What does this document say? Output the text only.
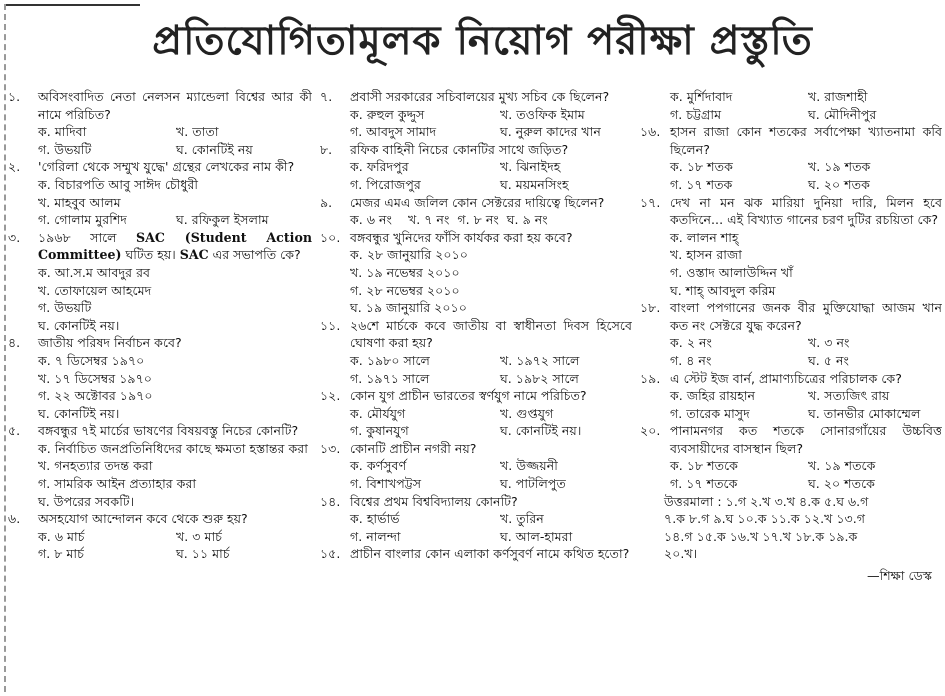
প্রতিযোগিতামূলক নিয়োগ পরীক্ষা প্রস্তুতি
১.	অবিসংবাদিত নেতা নেলসন ম্যান্ডেলা বিশ্বের আর কী নামে পরিচিত?
ক. মাদিবা	খ. তাতা
গ. উভয়টি	ঘ. কোনটিই নয়
২.	'গেরিলা থেকে সম্মুখ যুদ্ধে' গ্রন্থের লেখকের নাম কী?
ক. বিচারপতি আবু সাঈদ চৌধুরী
খ. মাহবুব আলম
গ. গোলাম মুরশিদ	ঘ. রফিকুল ইসলাম
৩.	১৯৬৮ সালে SAC (Student Action Committee) ঘটিত হয়। SAC এর সভাপতি কে?
ক. আ.স.ম আবদুর রব
খ. তোফায়েল আহমেদ
গ. উভয়টি
ঘ. কোনটিই নয়।
৪.	জাতীয় পরিষদ নির্বাচন কবে?
ক. ৭ ডিসেম্বর ১৯৭০
খ. ১৭ ডিসেম্বর ১৯৭০
গ. ২২ অক্টোবর ১৯৭০
ঘ. কোনটিই নয়।
৫.	বঙ্গবন্ধুর ৭ই মার্চের ভাষণের বিষয়বস্তু নিচের কোনটি?
ক. নির্বাচিত জনপ্রতিনিধিদের কাছে ক্ষমতা হস্তান্তর করা
খ. গনহত্যার তদন্ত করা
গ. সামরিক আইন প্রত্যাহার করা
ঘ. উপরের সবকটি।
৬.	অসহযোগ আন্দোলন কবে থেকে শুরু হয়?
ক. ৬ মার্চ	খ. ৩ মার্চ
গ. ৮ মার্চ	ঘ. ১১ মার্চ
৭.	প্রবাসী সরকারের সচিবালয়ের মুখ্য সচিব কে ছিলেন?
ক. রুহুল কুদ্দুস	খ. তওফিক ইমাম
গ. আবদুস সামাদ	ঘ. নুরুল কাদের খান
৮.	রফিক বাহিনী নিচের কোনটির সাথে জড়িত?
ক. ফরিদপুর	খ. ঝিনাইদহ
গ. পিরোজপুর	ঘ. ময়মনসিংহ
৯.	মেজর এমএ জলিল কোন সেক্টরের দায়িত্বে ছিলেন?
ক. ৬ নং খ. ৭ নং গ. ৮ নং ঘ. ৯ নং
১০. বঙ্গবন্ধুর খুনিদের ফাঁসি কার্যকর করা হয় কবে?
ক. ২৮ জানুয়ারি ২০১০
খ. ১৯ নভেম্বর ২০১০
গ. ২৮ নভেম্বর ২০১০
ঘ. ১৯ জানুয়ারি ২০১০
১১. ২৬শে মার্চকে কবে জাতীয় বা স্বাধীনতা দিবস হিসেবে ঘোষণা করা হয়?
ক. ১৯৮০ সালে	খ. ১৯৭২ সালে
গ. ১৯৭১ সালে	ঘ. ১৯৮২ সালে
১২. কোন যুগ প্রাচীন ভারতের স্বর্ণযুগ নামে পরিচিত?
ক. মৌর্যযুগ	খ. গুপ্তযুগ
গ. কুষানযুগ	ঘ. কোনটিই নয়।
১৩. কোনটি প্রাচীন নগরী নয়?
ক. কর্ণসুবর্ণ	খ. উজ্জয়নী
গ. বিশাখপট্টস	ঘ. পাটলিপুত
১৪. বিশ্বের প্রথম বিশ্ববিদ্যালয় কোনটি?
ক. হার্ভার্ভ	খ. তুরিন
গ. নালন্দা	ঘ. আল-হামরা
১৫. প্রাচীন বাংলার কোন এলাকা কর্ণসুবর্ণ নামে কথিত হতো?
ক. মুর্শিদাবাদ	খ. রাজশাহী
গ. চট্টগ্রাম	ঘ. মৌদিনীপুর
১৬. হাসন রাজা কোন শতকের সর্বাপেক্ষা খ্যাতনামা কবি ছিলেন?
ক. ১৮ শতক	খ. ১৯ শতক
গ. ১৭ শতক	ঘ. ২০ শতক
১৭. দেখ না মন ঝক মারিয়া দুনিয়া দারি, মিলন হবে কতদিনে... এই বিখ্যাত গানের চরণ দুটির রচয়িতা কে?
ক. লালন শাহ্
খ. হাসন রাজা
গ. ওস্তাদ আলাউদ্দিন খাঁ
ঘ. শাহ্ আবদুল করিম
১৮. বাংলা পপগানের জনক বীর মুক্তিযোদ্ধা আজম খান কত নং সেক্টরে যুদ্ধ করেন?
ক. ২ নং	খ. ৩ নং
গ. ৪ নং	ঘ. ৫ নং
১৯. এ স্টেট ইজ বার্ন, প্রামাণ্যচিত্রের পরিচালক কে?
ক. জহির রায়হান	খ. সত্যজিৎ রায়
গ. তারেক মাসুদ	ঘ. তানভীর মোকাম্মেল
২০. পানামনগর কত শতকে সোনারগাঁয়ের উচ্চবিত্ত ব্যবসায়ীদের বাসস্থান ছিল?
ক. ১৮ শতকে	খ. ১৯ শতকে
গ. ১৭ শতকে	ঘ. ২০ শতকে
উত্তরমালা : ১.গ ২.খ ৩.খ ৪.ক ৫.ঘ ৬.গ
৭.ক ৮.গ ৯.ঘ ১০.ক ১১.ক ১২.খ ১৩.গ
১৪.গ ১৫.ক ১৬.খ ১৭.খ ১৮.ক ১৯.ক
২০.খ।
—শিক্ষা ডেস্ক
